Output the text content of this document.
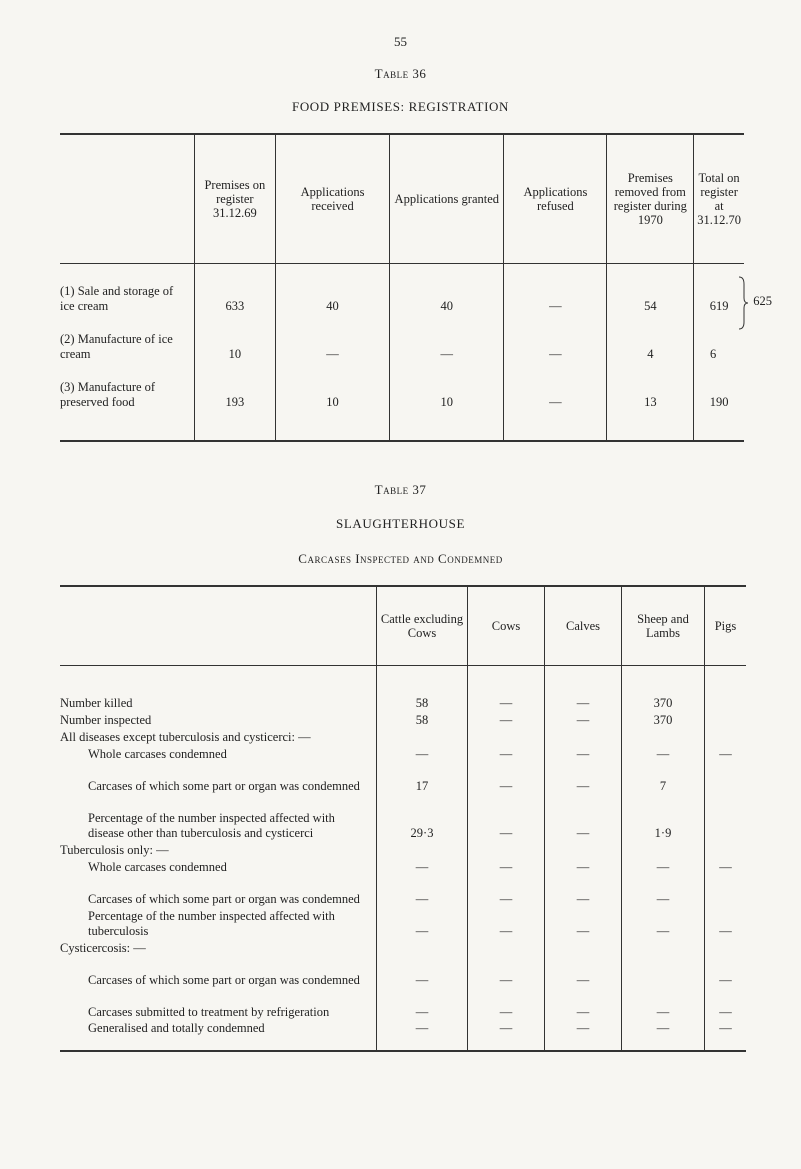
55
Table 36
FOOD PREMISES: REGISTRATION
	Premises on register 31.12.69	Applications received	Applications granted	Applications refused	Premises removed from register during 1970	Total on register at 31.12.70
(1) Sale and storage of ice cream	633	40	40	—	54	619 625

(2) Manufacture of ice cream	10	—	—	—	4	6
(3) Manufacture of preserved food	193	10	10	—	13	190
Table 37
SLAUGHTERHOUSE
Carcases Inspected and Condemned
	Cattle excluding Cows	Cows	Calves	Sheep and Lambs	Pigs
Number killed	58	—	—	370	
Number inspected	58	—	—	370	
All diseases except tuberculosis and cysticerci: —					
Whole carcases condemned	—	—	—	—	—
Carcases of which some part or organ was condemned	17	—	—	7	
Percentage of the number inspected affected with disease other than tuberculosis and cysticerci	29·3	—	—	1·9	
Tuberculosis only: —					
Whole carcases condemned	—	—	—	—	—
Carcases of which some part or organ was condemned	—	—	—	—	
Percentage of the number inspected affected with tuberculosis	—	—	—	—	—
Cysticercosis: —					
Carcases of which some part or organ was condemned	—	—	—		—
Carcases submitted to treatment by refrigeration	—	—	—	—	—
Generalised and totally condemned	—	—	—	—	—
